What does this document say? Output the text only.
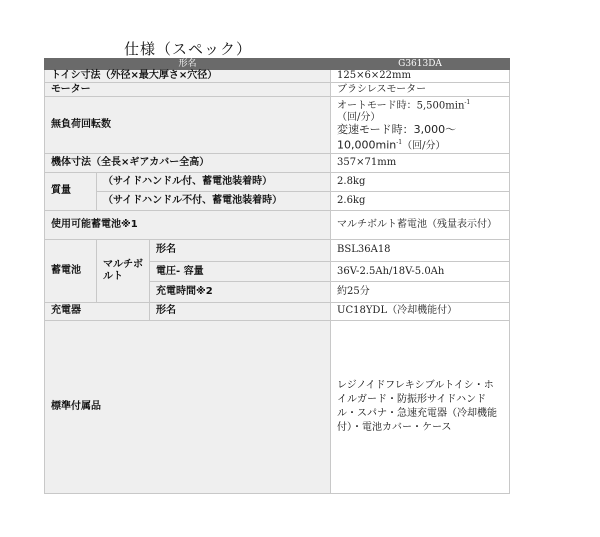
仕様（スペック）
形名			G3613DA
トイシ寸法（外径×最大厚さ×穴径）			125×6×22mm
モーター			ブラシレスモーター
無負荷回転数			オートモード時：$5,500\min^{-1}$
（回/分）
変速モード時：3,000～
$10,000\min^{-1}$（回/分）
機体寸法（全長×ギアカバー全高）			357×71mm
質量	（サイドハンドル付、蓄電池装着時）		2.8kg
	（サイドハンドル不付、蓄電池装着時）		2.6kg
使用可能蓄電池※1			マルチボルト蓄電池（残量表示付）
蓄電池	マルチボルト	形名	BSL36A18
		電圧- 容量	36V-2.5Ah/18V-5.0Ah
		充電時間※2	約25分
充電器		形名	UC18YDL（冷却機能付）
標準付属品			レジノイドフレキシブルトイシ・ホイルガード・防振形サイドハンドル・スパナ・急速充電器（冷却機能付）・電池カバー・ケース
